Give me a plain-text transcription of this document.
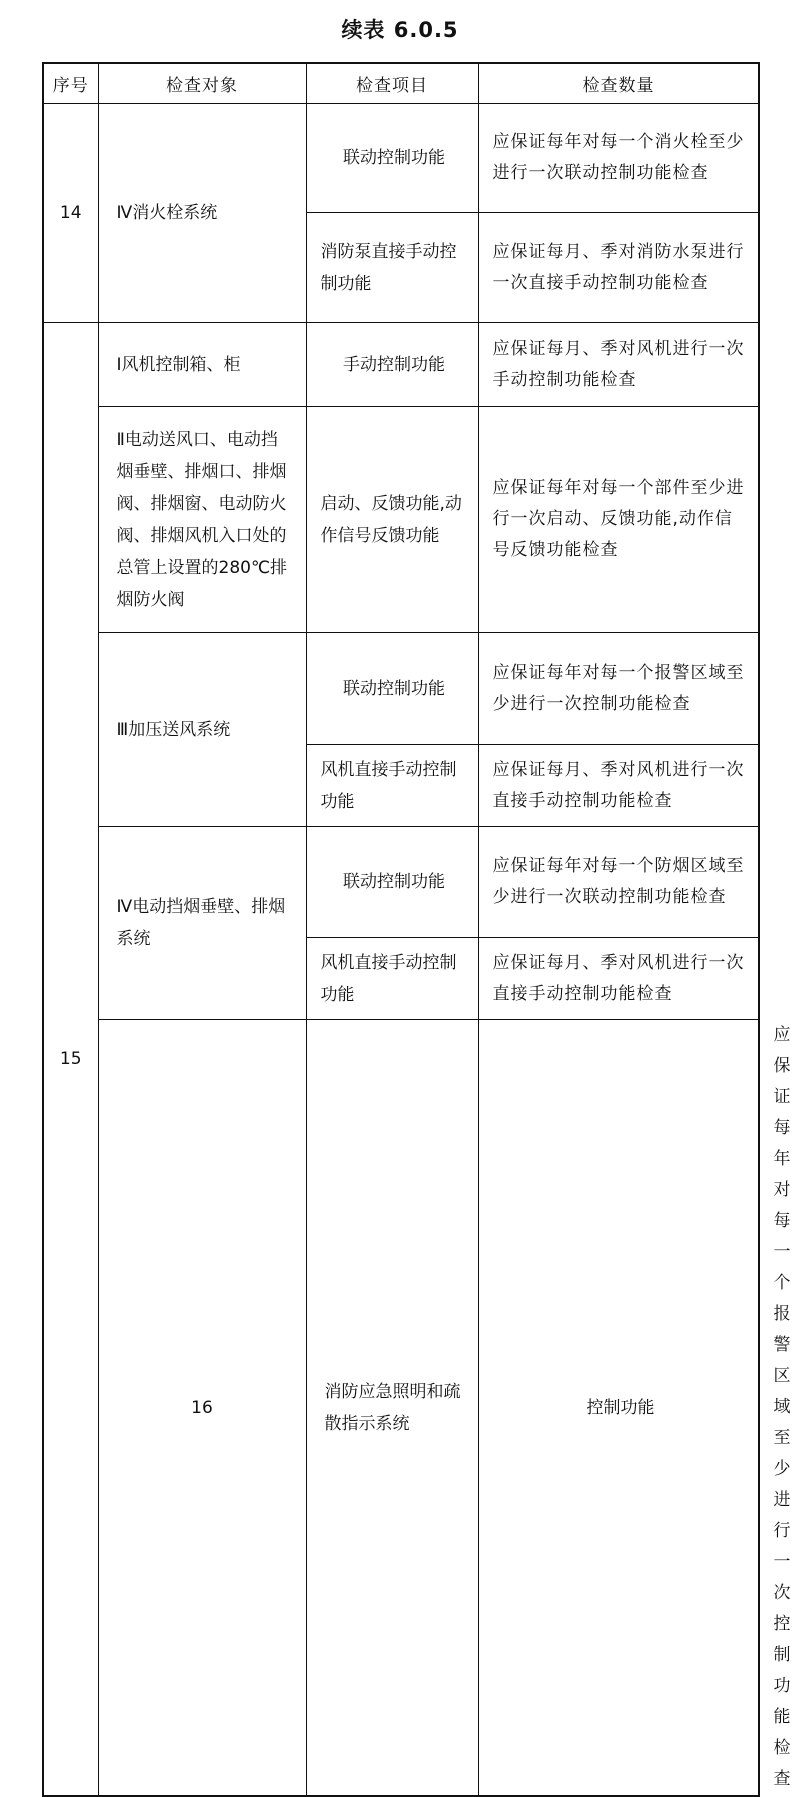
续表 6.0.5
序号	检查对象	检查项目	检查数量	
14	Ⅳ消火栓系统	联动控制功能	应保证每年对每一个消火栓至少进行一次联动控制功能检查	
		消防泵直接手动控制功能	应保证每月、季对消防水泵进行一次直接手动控制功能检查	
15	Ⅰ风机控制箱、柜	手动控制功能	应保证每月、季对风机进行一次手动控制功能检查	
	Ⅱ电动送风口、电动挡烟垂壁、排烟口、排烟阀、排烟窗、电动防火阀、排烟风机入口处的总管上设置的280℃排烟防火阀	启动、反馈功能,动作信号反馈功能	应保证每年对每一个部件至少进行一次启动、反馈功能,动作信号反馈功能检查	
	Ⅲ加压送风系统	联动控制功能	应保证每年对每一个报警区域至少进行一次控制功能检查	
		风机直接手动控制功能	应保证每月、季对风机进行一次直接手动控制功能检查	
	Ⅳ电动挡烟垂壁、排烟系统	联动控制功能	应保证每年对每一个防烟区域至少进行一次联动控制功能检查	
		风机直接手动控制功能	应保证每月、季对风机进行一次直接手动控制功能检查	
	16	消防应急照明和疏散指示系统	控制功能	应保证每年对每一个报警区域至少进行一次控制功能检查
